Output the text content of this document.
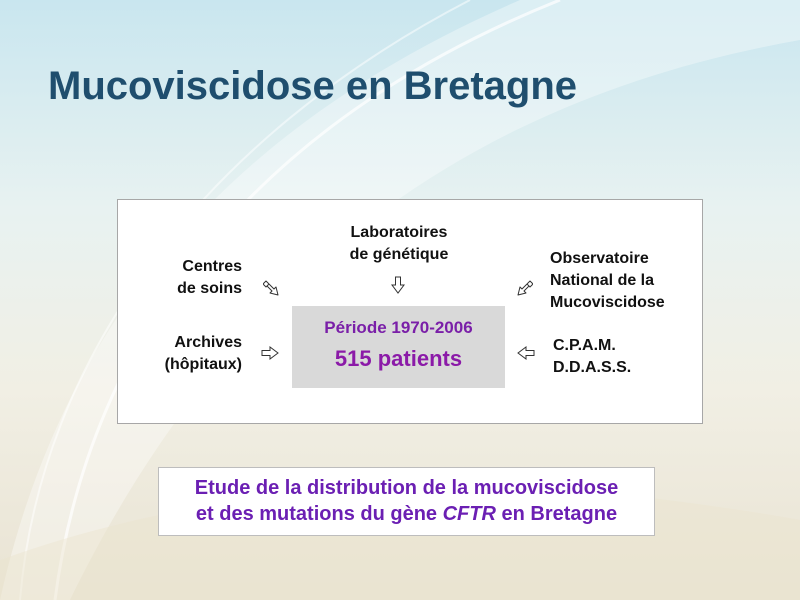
Mucoviscidose en Bretagne
Laboratoires
de génétique
Centres
de soins
Observatoire
National de la
Mucoviscidose
Archives
(hôpitaux)
C.P.A.M.
D.D.A.S.S.
Période 1970-2006
515 patients
Etude de la distribution de la mucoviscidose
et des mutations du gène CFTR en Bretagne
